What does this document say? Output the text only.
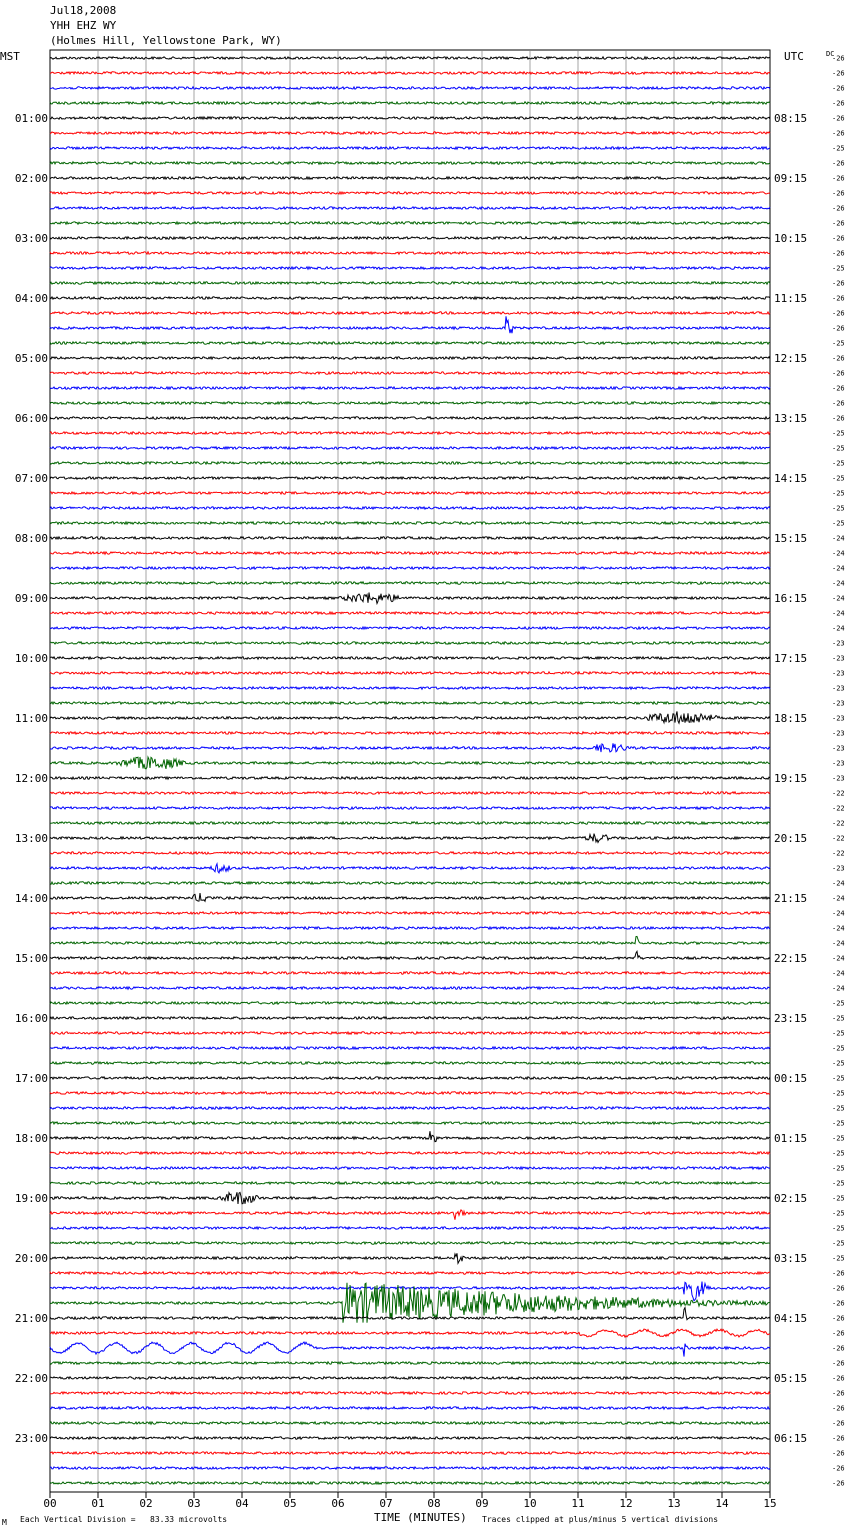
Jul18,2008
YHH EHZ WY
(Holmes Hill, Yellowstone Park, WY)
MST	UTC
00	01	02	03	04	05	06	07	08	09	10	11	12	13	14	15
01:00
02:00
03:00
04:00
05:00
06:00
07:00
08:00
09:00
10:00
11:00
12:00
13:00
14:00
15:00
16:00
17:00
18:00
19:00
20:00
21:00
22:00
23:00
08:15
09:15
10:15
11:15
12:15
13:15
14:15
15:15
16:15
17:15
18:15
19:15
20:15
21:15
22:15
23:15
00:15
01:15
02:15
03:15
04:15
05:15
06:15
DC
-26
-26
-26
-26
-26
-26
-25
-26
-26
-26
-26
-26
-26
-26
-25
-26
-26
-26
-26
-25
-26
-26
-26
-26
-26
-25
-25
-25
-25
-25
-25
-25
-24
-24
-24
-24
-24
-24
-24
-23
-23
-23
-23
-23
-23
-23
-23
-23
-23
-22
-22
-22
-22
-22
-23
-24
-24
-24
-24
-24
-24
-24
-24
-25
-25
-25
-25
-25
-25
-25
-25
-25
-25
-25
-25
-25
-25
-25
-25
-25
-25
-26
-26
-26
-26
-26
-26
-26
-26
-26
-26
-26
-26
-26
-26
-26
TIME (MINUTES)
M Each Vertical Division =   83.33 microvolts	Traces clipped at plus/minus 5 vertical divisions
